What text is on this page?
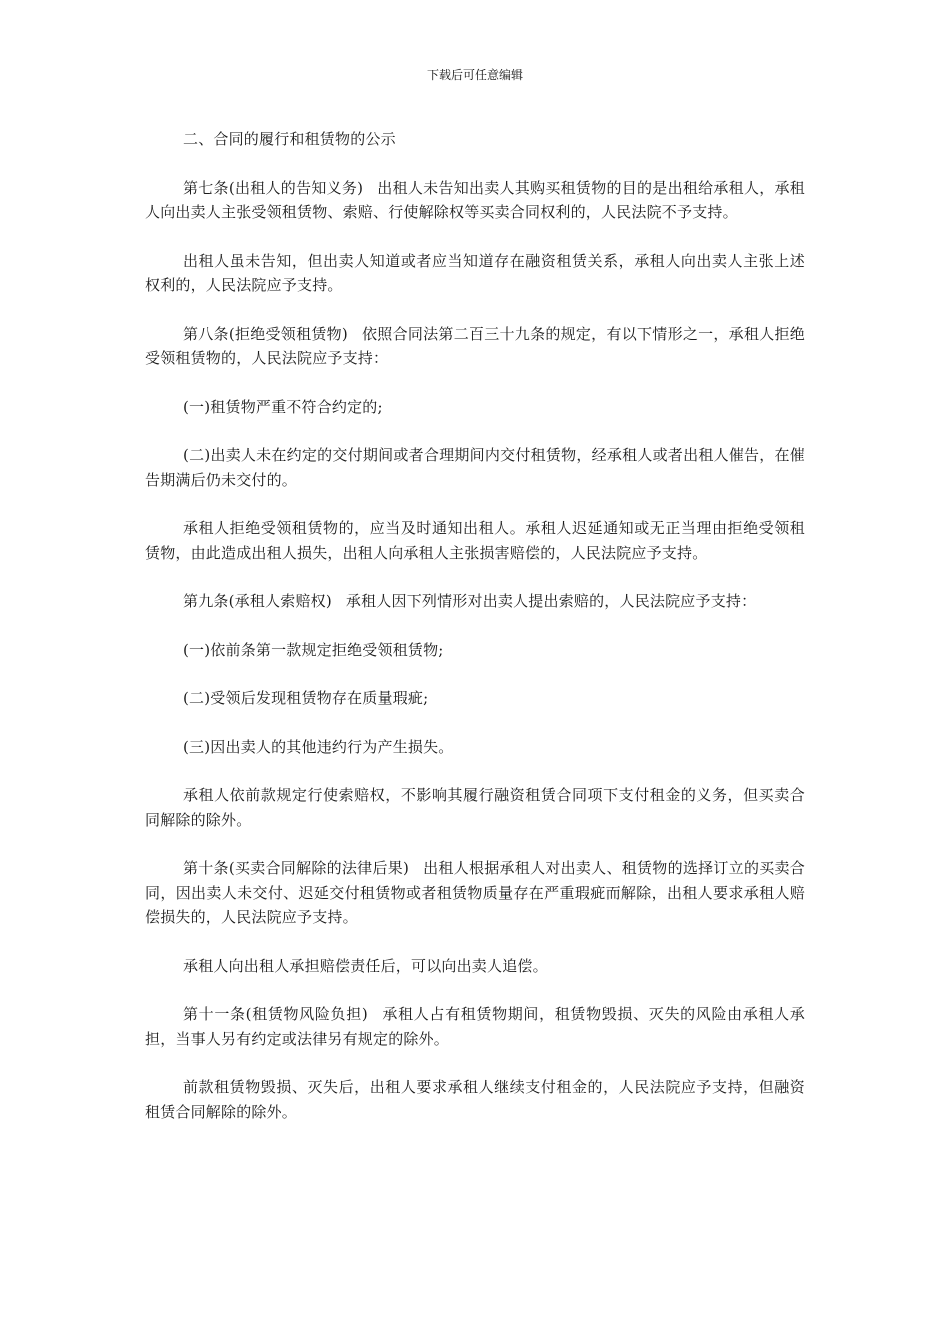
下载后可任意编辑

二、合同的履行和租赁物的公示

第七条(出租人的告知义务) 出租人未告知出卖人其购买租赁物的目的是出租给承租人，承租人向出卖人主张受领租赁物、索赔、行使解除权等买卖合同权利的，人民法院不予支持。

出租人虽未告知，但出卖人知道或者应当知道存在融资租赁关系，承租人向出卖人主张上述权利的，人民法院应予支持。

第八条(拒绝受领租赁物) 依照合同法第二百三十九条的规定，有以下情形之一，承租人拒绝受领租赁物的，人民法院应予支持：

(一)租赁物严重不符合约定的;

(二)出卖人未在约定的交付期间或者合理期间内交付租赁物，经承租人或者出租人催告，在催告期满后仍未交付的。

承租人拒绝受领租赁物的，应当及时通知出租人。承租人迟延通知或无正当理由拒绝受领租赁物，由此造成出租人损失，出租人向承租人主张损害赔偿的，人民法院应予支持。

第九条(承租人索赔权) 承租人因下列情形对出卖人提出索赔的，人民法院应予支持：

(一)依前条第一款规定拒绝受领租赁物;

(二)受领后发现租赁物存在质量瑕疵;

(三)因出卖人的其他违约行为产生损失。

承租人依前款规定行使索赔权，不影响其履行融资租赁合同项下支付租金的义务，但买卖合同解除的除外。

第十条(买卖合同解除的法律后果) 出租人根据承租人对出卖人、租赁物的选择订立的买卖合同，因出卖人未交付、迟延交付租赁物或者租赁物质量存在严重瑕疵而解除，出租人要求承租人赔偿损失的，人民法院应予支持。

承租人向出租人承担赔偿责任后，可以向出卖人追偿。

第十一条(租赁物风险负担) 承租人占有租赁物期间，租赁物毁损、灭失的风险由承租人承担，当事人另有约定或法律另有规定的除外。

前款租赁物毁损、灭失后，出租人要求承租人继续支付租金的，人民法院应予支持，但融资租赁合同解除的除外。
